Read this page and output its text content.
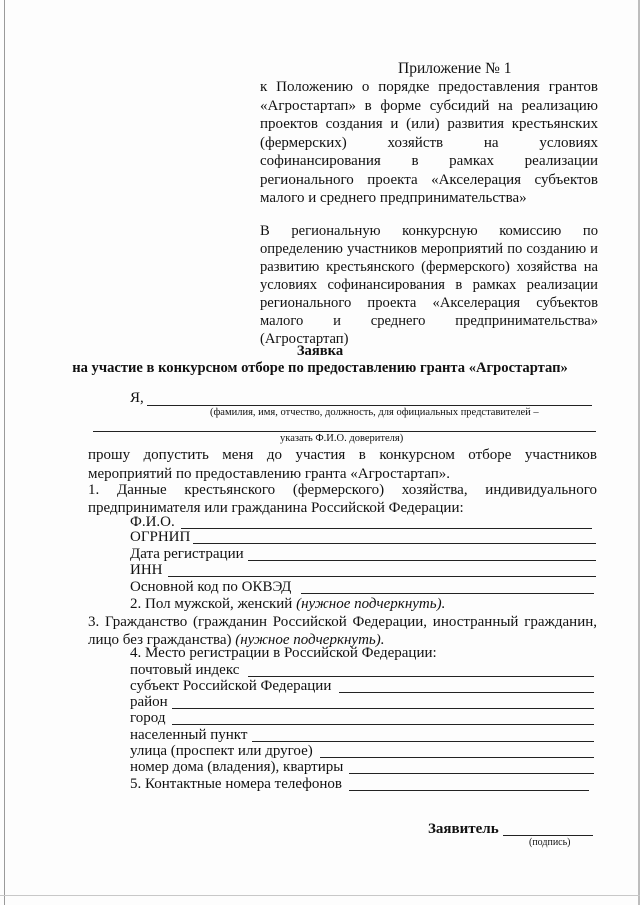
Приложение № 1
к Положению о порядке предоставления грантов «Агростартап» в форме субсидий на реализацию проектов создания и (или) развития крестьянских (фермерских) хозяйств на условиях софинансирования в рамках реализации регионального проекта «Акселерация субъектов малого и среднего предпринимательства»
В региональную конкурсную комиссию по определению участников мероприятий по созданию и развитию крестьянского (фермерского) хозяйства на условиях софинансирования в рамках реализации регионального проекта «Акселерация субъектов малого и среднего предпринимательства» (Агростартап)
Заявка
на участие в конкурсном отборе по предоставлению гранта «Агростартап»
Я,
(фамилия, имя, отчество, должность, для официальных представителей –
указать Ф.И.О. доверителя)
прошу допустить меня до участия в конкурсном отборе участников мероприятий по предоставлению гранта «Агростартап».
1. Данные крестьянского (фермерского) хозяйства, индивидуального предпринимателя или гражданина Российской Федерации:
Ф.И.О.
ОГРНИП
Дата регистрации
ИНН
Основной код по ОКВЭД
2. Пол мужской, женский (нужное подчеркнуть).
3. Гражданство (гражданин Российской Федерации, иностранный гражданин, лицо без гражданства) (нужное подчеркнуть).
4. Место регистрации в Российской Федерации:
почтовый индекс
субъект Российской Федерации
район
город
населенный пункт
улица (проспект или другое)
номер дома (владения), квартиры
5. Контактные номера телефонов
Заявитель
(подпись)
